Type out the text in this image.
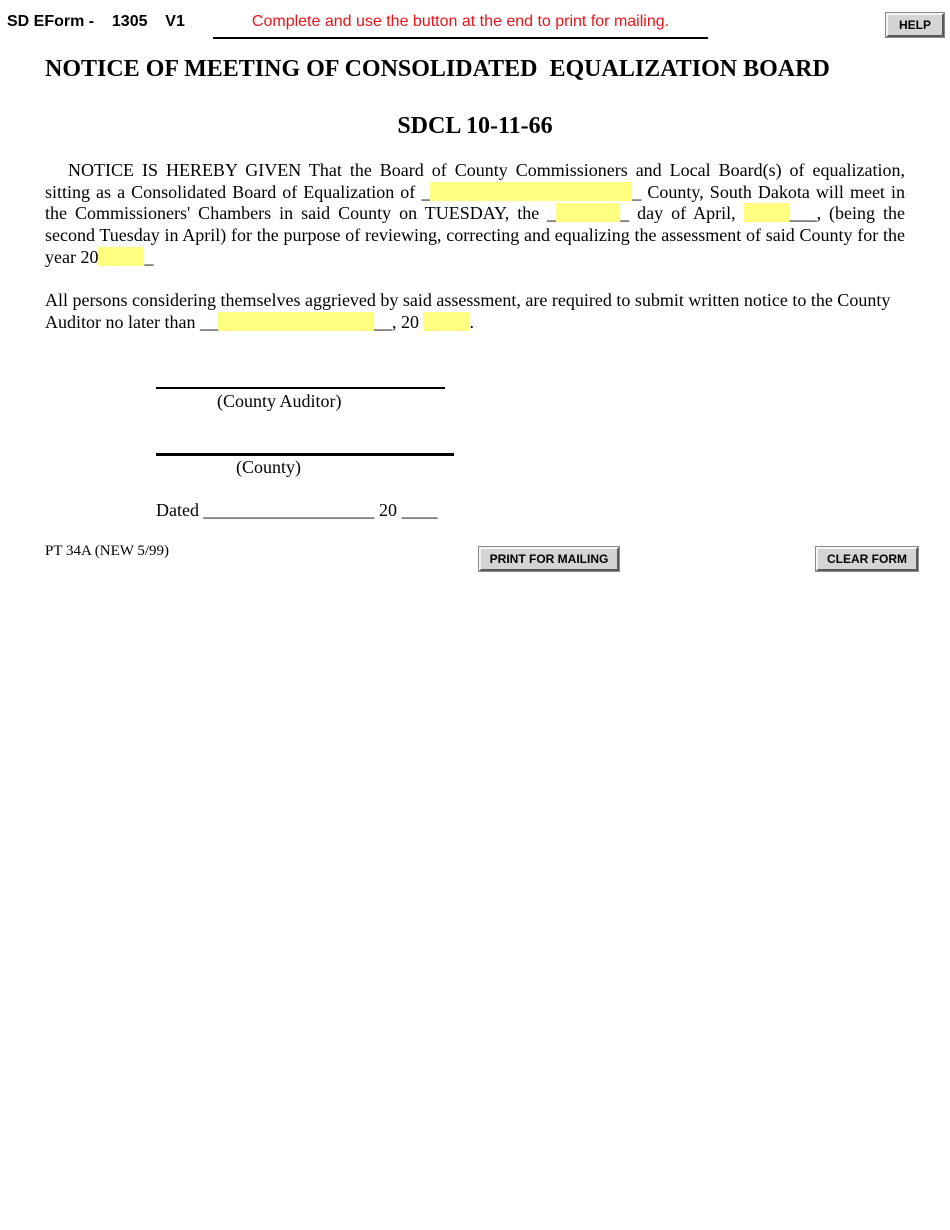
SD EForm -    1305    V1	Complete and use the button at the end to print for mailing.	HELP
NOTICE OF MEETING OF CONSOLIDATED  EQUALIZATION BOARD
SDCL 10-11-66
NOTICE IS HEREBY GIVEN That the Board of County Commissioners and Local Board(s) of equalization, sitting as a Consolidated Board of Equalization of _	_ County, South Dakota will meet in the Commissioners' Chambers in said County on TUESDAY, the _	_ day of April,	___, (being the second Tuesday in April) for the purpose of reviewing, correcting and equalizing the assessment of said County for the year 20	_
All persons considering themselves aggrieved by said assessment, are required to submit written notice to the County Auditor no later than __	__, 20	.
(County Auditor)
(County)
Dated ___________________ 20 ____
PT 34A (NEW 5/99)	PRINT FOR MAILING	CLEAR FORM
